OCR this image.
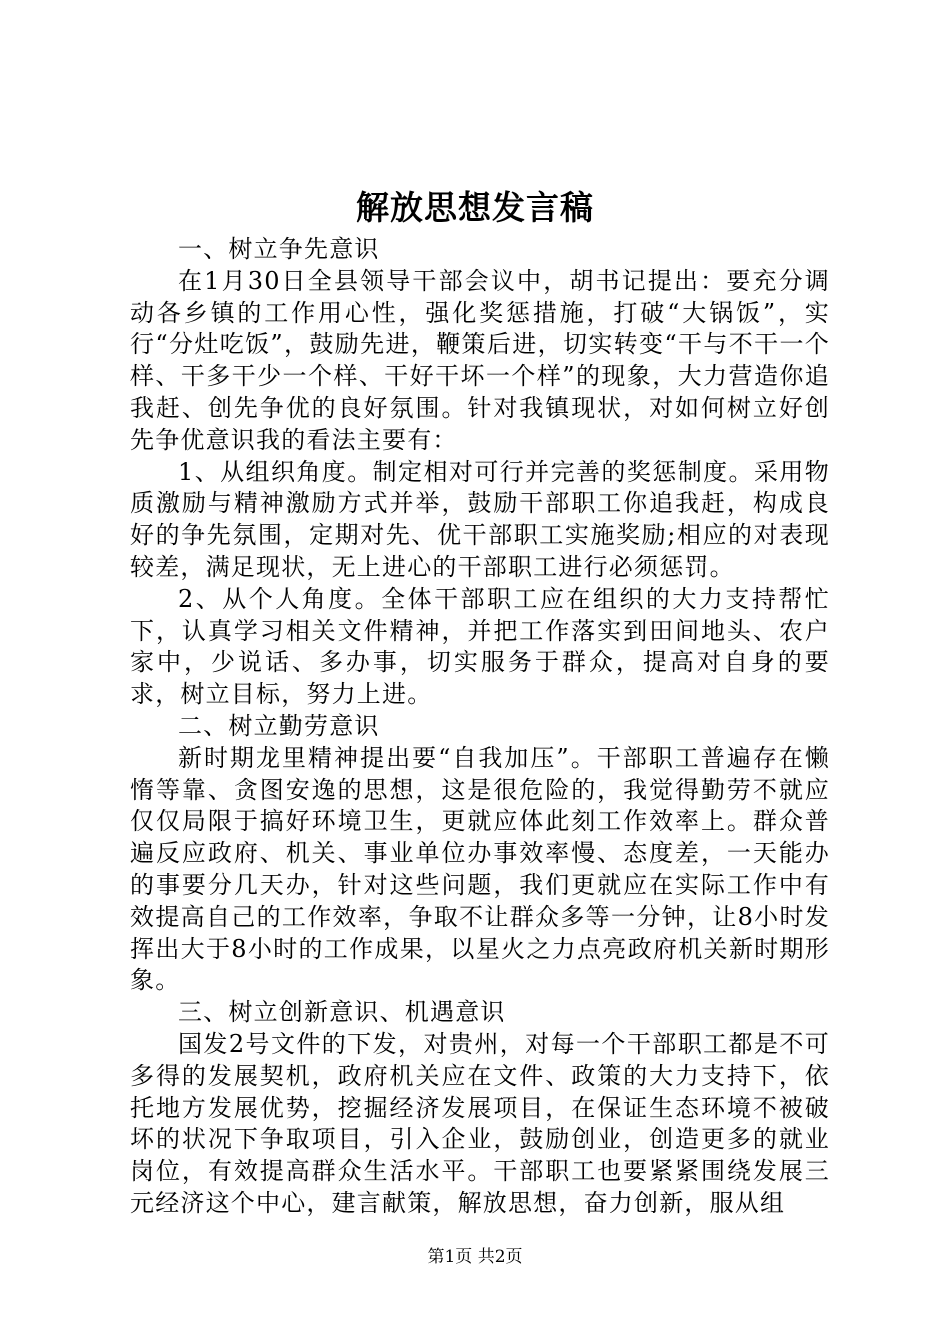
解放思想发言稿

一、树立争先意识

在1月30日全县领导干部会议中，胡书记提出：要充分调动各乡镇的工作用心性，强化奖惩措施，打破“大锅饭”，实行“分灶吃饭”，鼓励先进，鞭策后进，切实转变“干与不干一个样、干多干少一个样、干好干坏一个样”的现象，大力营造你追我赶、创先争优的良好氛围。针对我镇现状，对如何树立好创先争优意识我的看法主要有：

1、从组织角度。制定相对可行并完善的奖惩制度。采用物质激励与精神激励方式并举，鼓励干部职工你追我赶，构成良好的争先氛围，定期对先、优干部职工实施奖励;相应的对表现较差，满足现状，无上进心的干部职工进行必须惩罚。

2、从个人角度。全体干部职工应在组织的大力支持帮忙下，认真学习相关文件精神，并把工作落实到田间地头、农户家中，少说话、多办事，切实服务于群众，提高对自身的要求，树立目标，努力上进。

二、树立勤劳意识

新时期龙里精神提出要“自我加压”。干部职工普遍存在懒惰等靠、贪图安逸的思想，这是很危险的，我觉得勤劳不就应仅仅局限于搞好环境卫生，更就应体此刻工作效率上。群众普遍反应政府、机关、事业单位办事效率慢、态度差，一天能办的事要分几天办，针对这些问题，我们更就应在实际工作中有效提高自己的工作效率，争取不让群众多等一分钟，让8小时发挥出大于8小时的工作成果，以星火之力点亮政府机关新时期形象。

三、树立创新意识、机遇意识

国发2号文件的下发，对贵州，对每一个干部职工都是不可多得的发展契机，政府机关应在文件、政策的大力支持下，依托地方发展优势，挖掘经济发展项目，在保证生态环境不被破坏的状况下争取项目，引入企业，鼓励创业，创造更多的就业岗位，有效提高群众生活水平。干部职工也要紧紧围绕发展三元经济这个中心，建言献策，解放思想，奋力创新，服从组

第1页 共2页
